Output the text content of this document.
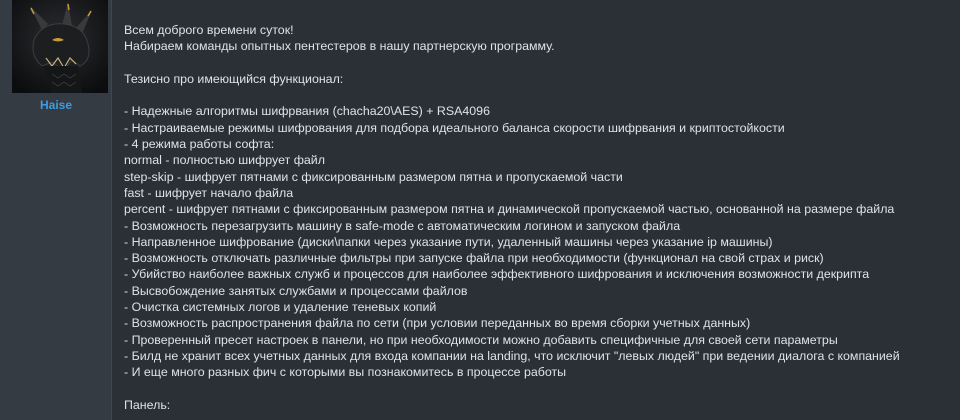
Haise
Всем доброго времени суток!
Набираем команды опытных пентестеров в нашу партнерскую программу.
Тезисно про имеющийся функционал:
- Надежные алгоритмы шифрвания (chacha20\AES) + RSA4096
- Настраиваемые режимы шифрования для подбора идеального баланса скорости шифрвания и криптостойкости
- 4 режима работы софта:
normal - полностью шифрует файл
step-skip - шифрует пятнами с фиксированным размером пятна и пропускаемой части
fast - шифрует начало файла
percent - шифрует пятнами с фиксированным размером пятна и динамической пропускаемой частью, основанной на размере файла
- Возможность перезагрузить машину в safe-mode с автоматическим логином и запуском файла
- Направленное шифрование (диски\папки через указание пути, удаленный машины через указание ip машины)
- Возможность отключать различные фильтры при запуске файла при необходимости (функционал на свой страх и риск)
- Убийство наиболее важных служб и процессов для наиболее эффективного шифрования и исключения возможности декрипта
- Высвобождение занятых службами и процессами файлов
- Очистка системных логов и удаление теневых копий
- Возможность распространения файла по сети (при условии переданных во время сборки учетных данных)
- Проверенный пресет настроек в панели, но при необходимости можно добавить специфичные для своей сети параметры
- Билд не хранит всех учетных данных для входа компании на landing, что исключит "левых людей" при ведении диалога с компанией
- И еще много разных фич с которыми вы познакомитесь в процессе работы
Панель:
